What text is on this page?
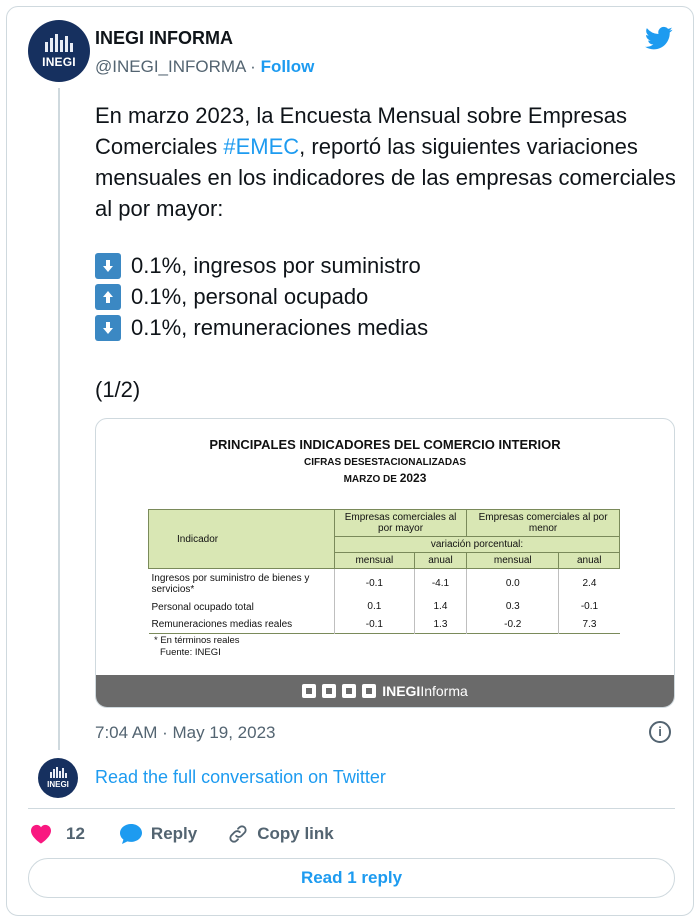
INEGI
INEGI INFORMA
@INEGI_INFORMA · Follow
En marzo 2023, la Encuesta Mensual sobre Empresas Comerciales #EMEC, reportó las siguientes variaciones mensuales en los indicadores de las empresas comerciales al por mayor:
0.1%, ingresos por suministro
0.1%, personal ocupado
0.1%, remuneraciones medias
(1/2)
PRINCIPALES INDICADORES DEL COMERCIO INTERIOR
CIFRAS DESESTACIONALIZADAS
MARZO DE 2023
Indicador	Empresas comerciales al por mayor		Empresas comerciales al por menor	
	variación porcentual:			
	mensual	anual	mensual	anual
Ingresos por suministro de bienes y servicios*	-0.1	-4.1	0.0	2.4
Personal ocupado total	0.1	1.4	0.3	-0.1
Remuneraciones medias reales	-0.1	1.3	-0.2	7.3
* En términos reales
Fuente: INEGI
INEGIInforma
7:04 AM · May 19, 2023	i
INEGI Read the full conversation on Twitter
12	Reply	Copy link
Read 1 reply
